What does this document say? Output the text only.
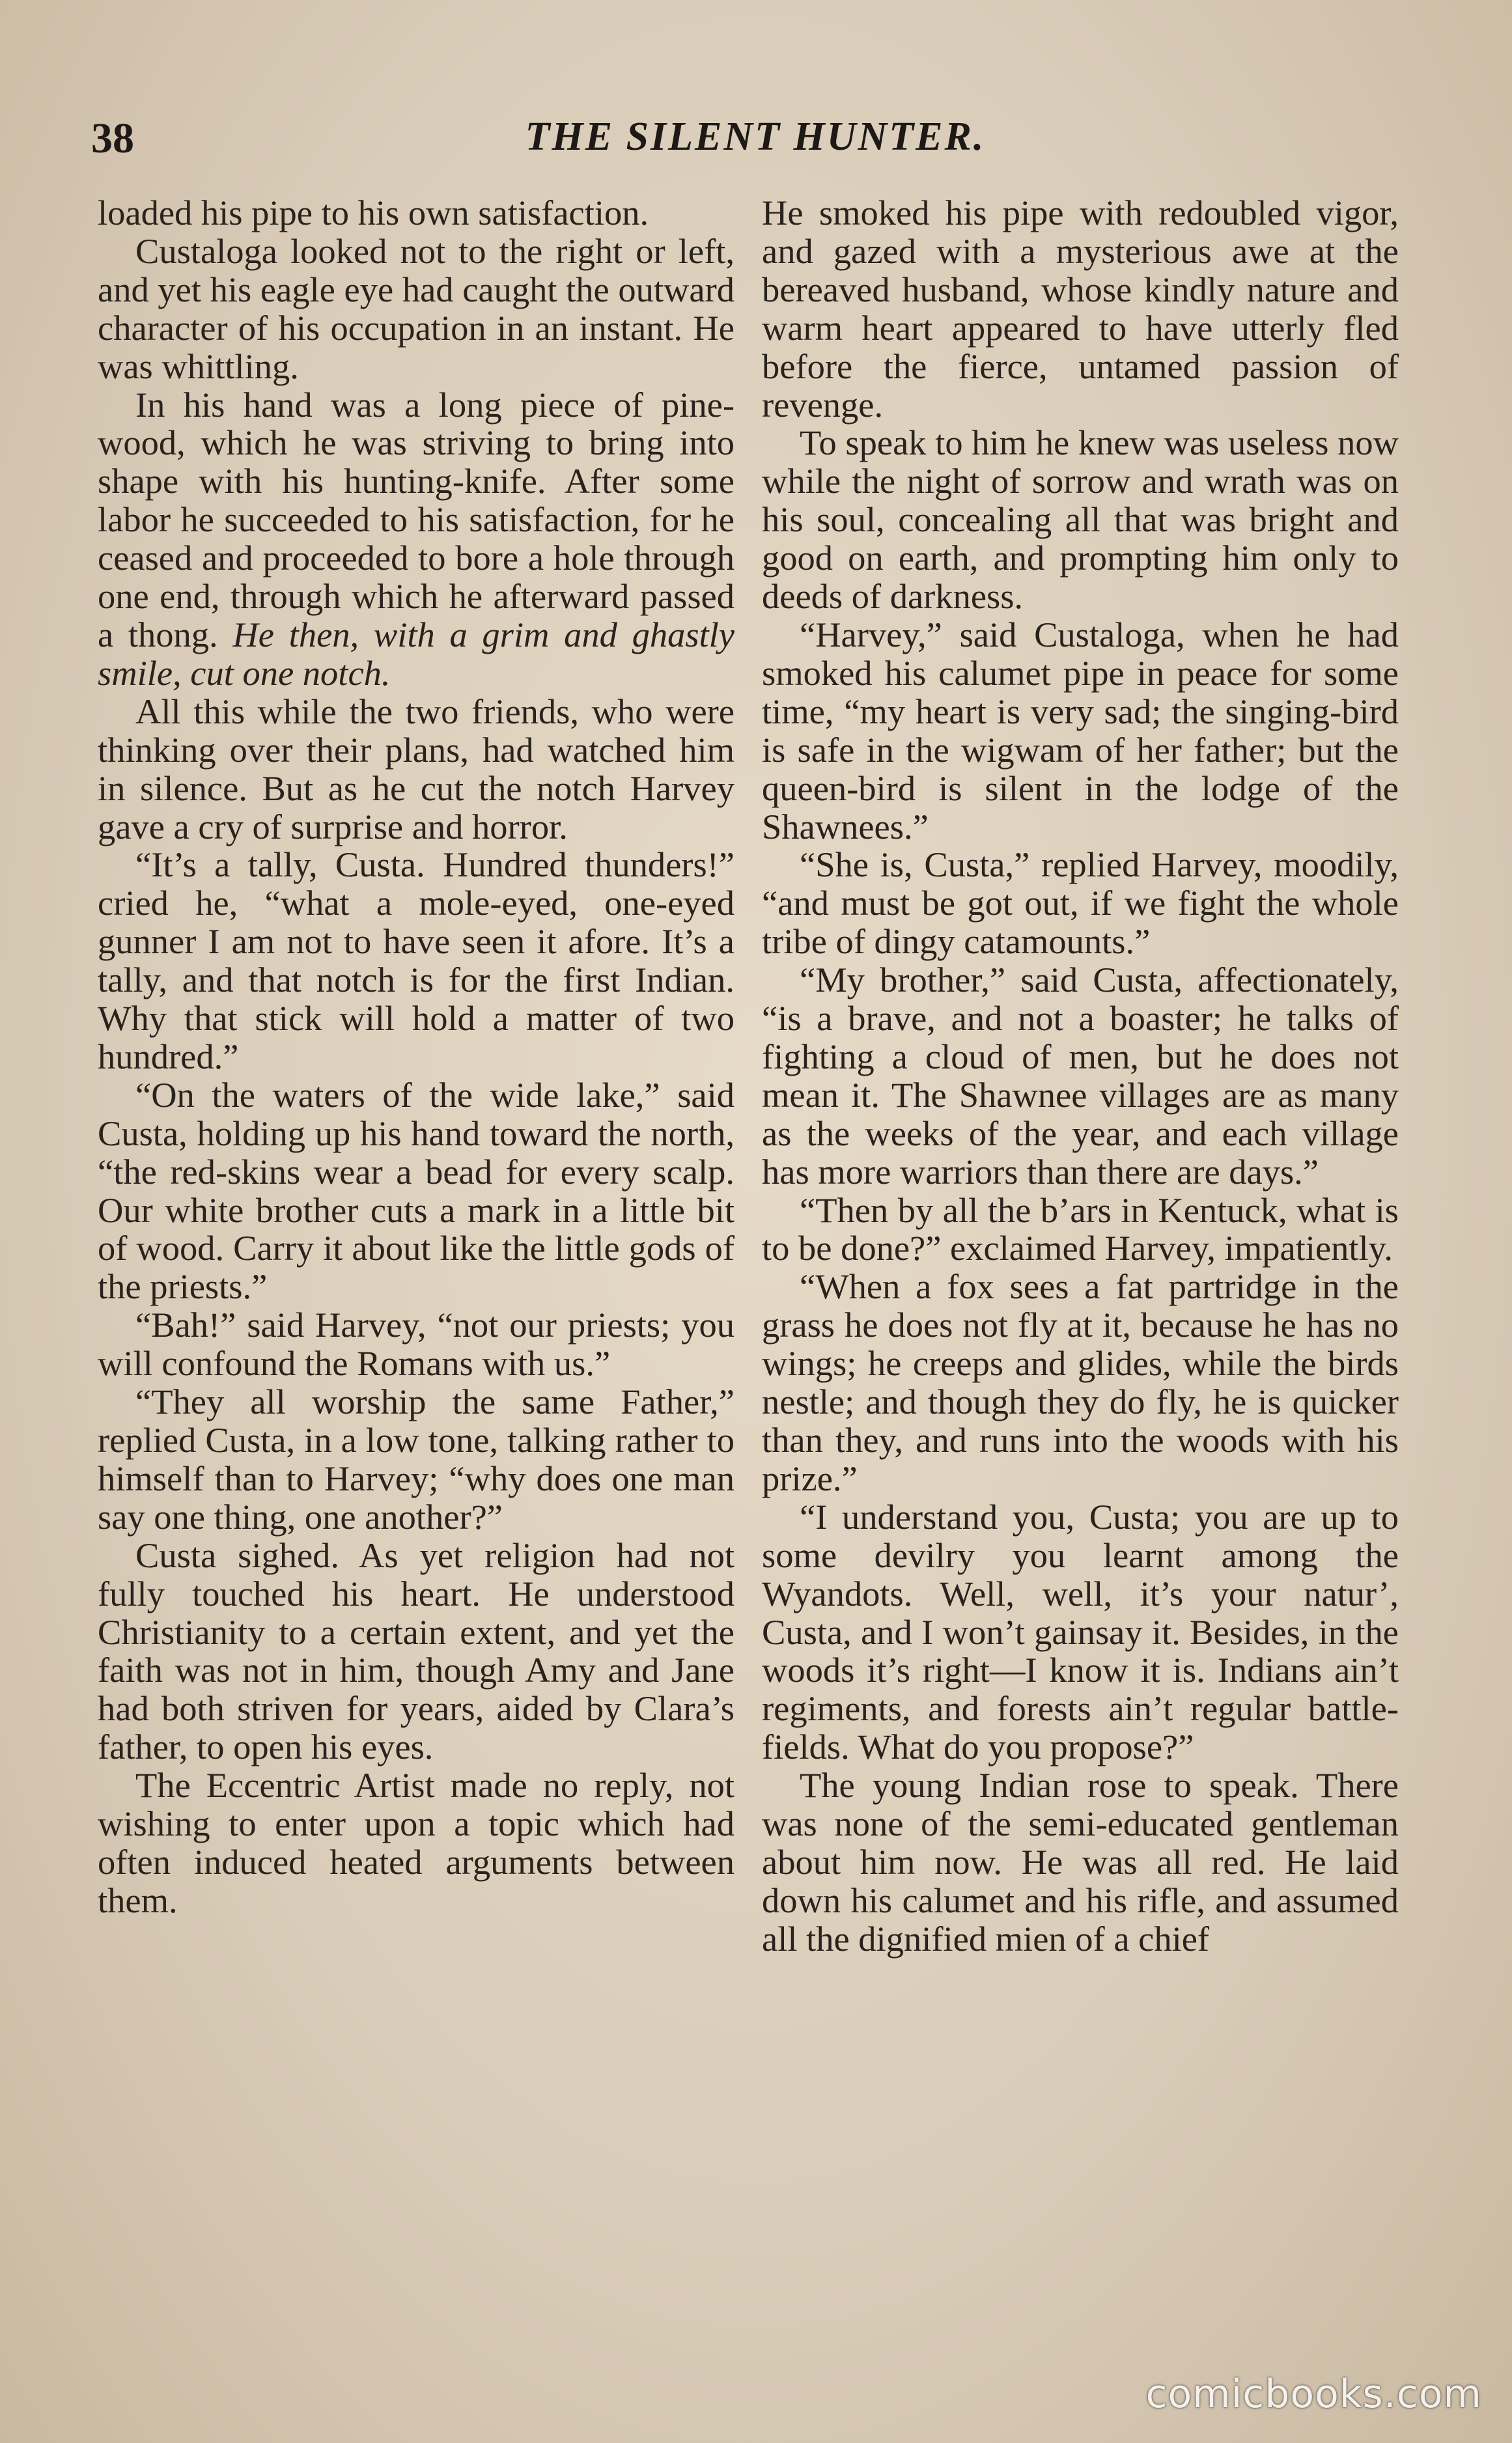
38	THE SILENT HUNTER.

loaded his pipe to his own satisfaction.

Custaloga looked not to the right or left, and yet his eagle eye had caught the outward character of his occupation in an instant. He was whittling.

In his hand was a long piece of pine-wood, which he was striving to bring into shape with his hunting-knife. After some labor he succeeded to his satisfaction, for he ceased and proceeded to bore a hole through one end, through which he afterward passed a thong. He then, with a grim and ghastly smile, cut one notch.

All this while the two friends, who were thinking over their plans, had watched him in silence. But as he cut the notch Harvey gave a cry of surprise and horror.

“It’s a tally, Custa. Hundred thunders!” cried he, “what a mole-eyed, one-eyed gunner I am not to have seen it afore. It’s a tally, and that notch is for the first Indian. Why that stick will hold a matter of two hundred.”

“On the waters of the wide lake,” said Custa, holding up his hand toward the north, “the red-skins wear a bead for every scalp. Our white brother cuts a mark in a little bit of wood. Carry it about like the little gods of the priests.”

“Bah!” said Harvey, “not our priests; you will confound the Romans with us.”

“They all worship the same Father,” replied Custa, in a low tone, talking rather to himself than to Harvey; “why does one man say one thing, one another?”

Custa sighed. As yet religion had not fully touched his heart. He understood Christianity to a certain extent, and yet the faith was not in him, though Amy and Jane had both striven for years, aided by Clara’s father, to open his eyes.

The Eccentric Artist made no reply, not wishing to enter upon a topic which had often induced heated arguments between them.

He smoked his pipe with redoubled vigor, and gazed with a mysterious awe at the bereaved husband, whose kindly nature and warm heart appeared to have utterly fled before the fierce, untamed passion of revenge.

To speak to him he knew was useless now while the night of sorrow and wrath was on his soul, concealing all that was bright and good on earth, and prompting him only to deeds of darkness.

“Harvey,” said Custaloga, when he had smoked his calumet pipe in peace for some time, “my heart is very sad; the singing-bird is safe in the wigwam of her father; but the queen-bird is silent in the lodge of the Shawnees.”

“She is, Custa,” replied Harvey, moodily, “and must be got out, if we fight the whole tribe of dingy catamounts.”

“My brother,” said Custa, affectionately, “is a brave, and not a boaster; he talks of fighting a cloud of men, but he does not mean it. The Shawnee villages are as many as the weeks of the year, and each village has more warriors than there are days.”

“Then by all the b’ars in Kentuck, what is to be done?” exclaimed Harvey, impatiently.

“When a fox sees a fat partridge in the grass he does not fly at it, because he has no wings; he creeps and glides, while the birds nestle; and though they do fly, he is quicker than they, and runs into the woods with his prize.”

“I understand you, Custa; you are up to some devilry you learnt among the Wyandots. Well, well, it’s your natur’, Custa, and I won’t gainsay it. Besides, in the woods it’s right—I know it is. Indians ain’t regiments, and forests ain’t regular battle-fields. What do you propose?”

The young Indian rose to speak. There was none of the semi-educated gentleman about him now. He was all red. He laid down his calumet and his rifle, and assumed all the dignified mien of a chief

comicbooks.com
